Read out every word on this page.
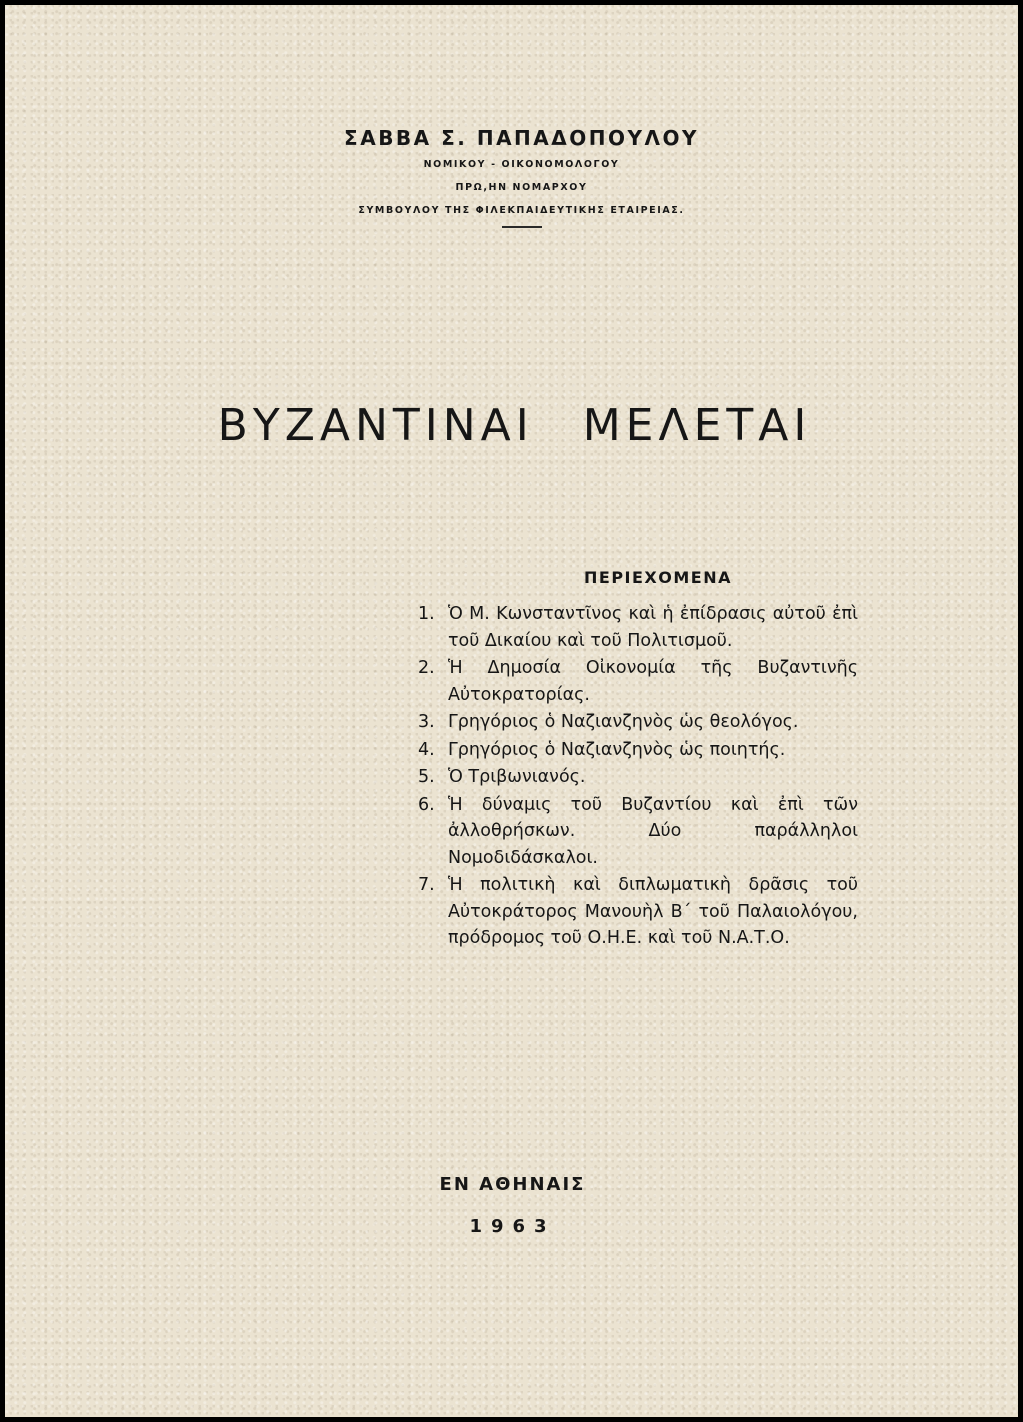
ΣΑΒΒΑ Σ. ΠΑΠΑΔΟΠΟΥΛΟΥ
ΝΟΜΙΚΟΥ - ΟΙΚΟΝΟΜΟΛΟΓΟΥ
ΠΡΩ,ΗΝ ΝΟΜΑΡΧΟΥ
ΣΥΜΒΟΥΛΟΥ ΤΗΣ ΦΙΛΕΚΠΑΙΔΕΥΤΙΚΗΣ ΕΤΑΙΡΕΙΑΣ.
ΒΥΖΑΝΤΙΝΑΙ ΜΕΛΕΤΑΙ
ΠΕΡΙΕΧΟΜΕΝΑ
1. Ὁ Μ. Κωνσταντῖνος καὶ ἡ ἐπίδρασις αὐτοῦ ἐπὶ τοῦ Δικαίου καὶ τοῦ Πολιτισμοῦ.
2. Ἡ Δημοσία Οἰκονομία τῆς Βυζαντινῆς Αὐτοκρατορίας.
3. Γρηγόριος ὁ Ναζιανζηνὸς ὡς θεολόγος.
4. Γρηγόριος ὁ Ναζιανζηνὸς ὡς ποιητής.
5. Ὁ Τριβωνιανός.
6. Ἡ δύναμις τοῦ Βυζαντίου καὶ ἐπὶ τῶν ἀλλοθρήσκων. Δύο παράλληλοι Νομοδιδάσκαλοι.
7. Ἡ πολιτικὴ καὶ διπλωματικὴ δρᾶσις τοῦ Αὐτοκράτορος Μανουὴλ Β΄ τοῦ Παλαιολόγου, πρόδρομος τοῦ Ο.Η.Ε. καὶ τοῦ Ν.Α.Τ.Ο.
ΕΝ ΑΘΗΝΑΙΣ
1963
